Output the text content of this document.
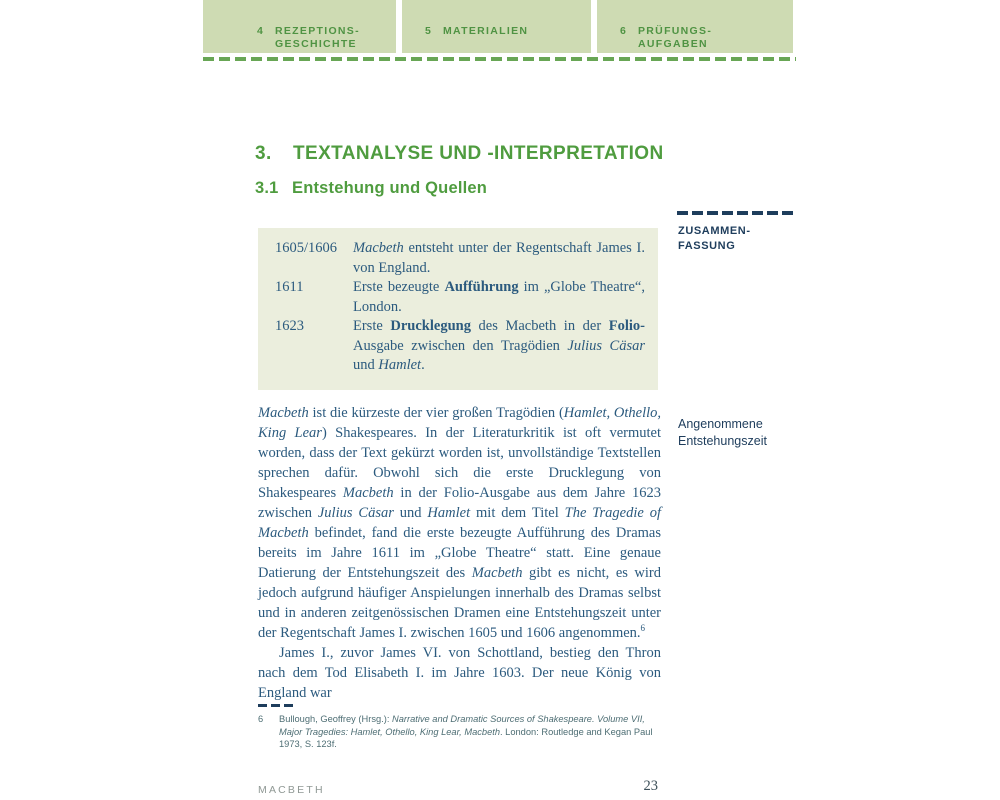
4	REZEPTIONS-
GESCHICHTE
5	MATERIALIEN	6	PRÜFUNGS-
AUFGABEN
3.	TEXTANALYSE UND -INTERPRETATION
3.1 Entstehung und Quellen
ZUSAMMEN-
FASSUNG
Angenommene
Entstehungszeit
1605/1606	Macbeth entsteht unter der Regentschaft James I. von England.
1611	Erste bezeugte Aufführung im „Globe Theatre“, London.
1623	Erste Drucklegung des Macbeth in der Folio-Ausgabe zwischen den Tragödien Julius Cäsar und Hamlet.

Macbeth ist die kürzeste der vier großen Tragödien (Hamlet, Othello, King Lear) Shakespeares. In der Literaturkritik ist oft vermutet worden, dass der Text gekürzt worden ist, unvollständige Textstellen sprechen dafür. Obwohl sich die erste Drucklegung von Shakespeares Macbeth in der Folio-Ausgabe aus dem Jahre 1623 zwischen Julius Cäsar und Hamlet mit dem Titel The Tragedie of Macbeth befindet, fand die erste bezeugte Aufführung des Dramas bereits im Jahre 1611 im „Globe Theatre“ statt. Eine genaue Datierung der Entstehungszeit des Macbeth gibt es nicht, es wird jedoch aufgrund häufiger Anspielungen innerhalb des Dramas selbst und in anderen zeitgenössischen Dramen eine Entstehungszeit unter der Regentschaft James I. zwischen 1605 und 1606 angenommen.$^6$

James I., zuvor James VI. von Schottland, bestieg den Thron nach dem Tod Elisabeth I. im Jahre 1603. Der neue König von England war

6	Bullough, Geoffrey (Hrsg.): Narrative and Dramatic Sources of Shakespeare. Volume VII, Major Tragedies: Hamlet, Othello, King Lear, Macbeth. London: Routledge and Kegan Paul 1973, S. 123f.
MACBETH	23
